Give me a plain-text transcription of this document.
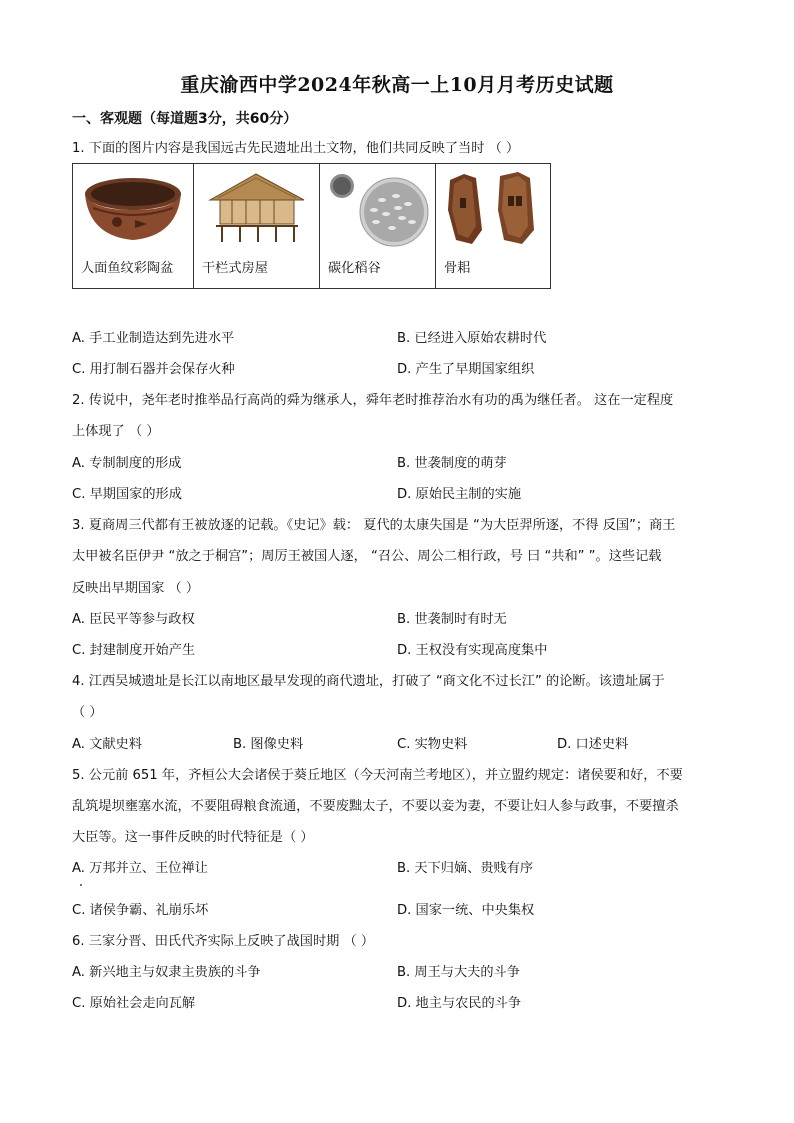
重庆渝西中学2024年秋高一上10月月考历史试题
一、客观题（每道题3分，共60分）
1. 下面的图片内容是我国远古先民遗址出土文物，他们共同反映了当时 （ ）
人面鱼纹彩陶盆	干栏式房屋	碳化稻谷	骨耜
A. 手工业制造达到先进水平	B. 已经进入原始农耕时代
C. 用打制石器并会保存火种	D. 产生了早期国家组织
2. 传说中，尧年老时推举品行高尚的舜为继承人，舜年老时推荐治水有功的禹为继任者。 这在一定程度
上体现了 （ ）
A. 专制制度的形成	B. 世袭制度的萌芽
C. 早期国家的形成	D. 原始民主制的实施
3. 夏商周三代都有王被放逐的记载。《史记》载： 夏代的太康失国是 “为大臣羿所逐，不得 反国”；商王
太甲被名臣伊尹 “放之于桐宫”；周厉王被国人逐， “召公、周公二相行政，号 曰 “共和” ”。这些记载
反映出早期国家 （ ）
A. 臣民平等参与政权	B. 世袭制时有时无
C. 封建制度开始产生	D. 王权没有实现高度集中
4. 江西吴城遗址是长江以南地区最早发现的商代遗址，打破了 “商文化不过长江” 的论断。该遗址属于
（ ）
A. 文献史料	B. 图像史料	C. 实物史料	D. 口述史料
5. 公元前 651 年，齐桓公大会诸侯于葵丘地区（今天河南兰考地区），并立盟约规定：诸侯要和好，不要
乱筑堤坝壅塞水流，不要阻碍粮食流通，不要废黜太子，不要以妾为妻，不要让妇人参与政事，不要擅杀
大臣等。这一事件反映的时代特征是（ ）
A. 万邦并立、王位禅让	B. 天下归嫡、贵贱有序
C. 诸侯争霸、礼崩乐坏	D. 国家一统、中央集权
6. 三家分晋、田氏代齐实际上反映了战国时期 （ ）
A. 新兴地主与奴隶主贵族的斗争	B. 周王与大夫的斗争
C. 原始社会走向瓦解	D. 地主与农民的斗争
